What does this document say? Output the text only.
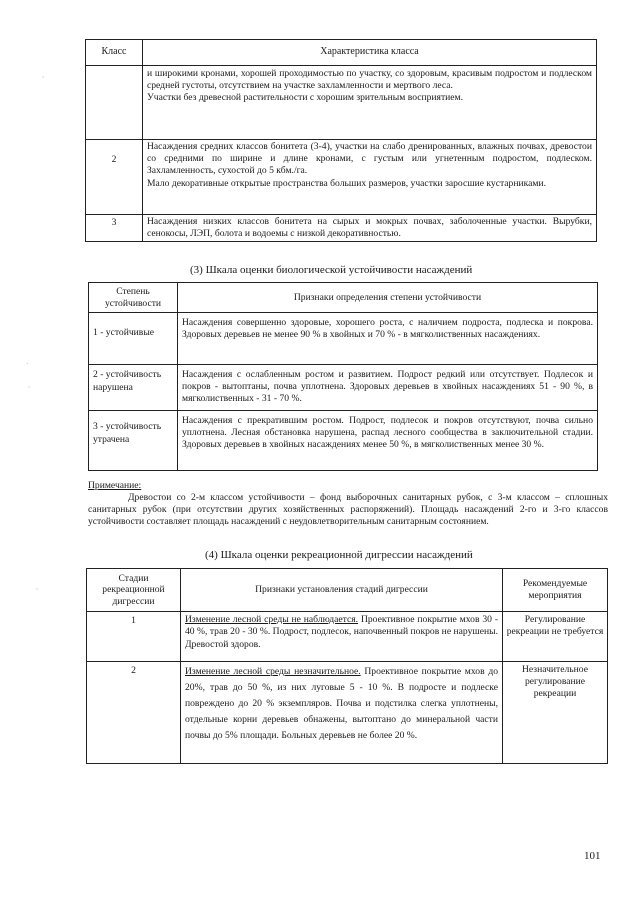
ˏ
˙
ˏ
ˏ
Класс	Характеристика класса

	и широкими кронами, хорошей проходимостью по участку, со здоровым, красивым подростом и подлеском средней густоты, отсутствием на участке захламленности и мертвого леса.
Участки без древесной растительности с хорошим зрительным восприятием.

2	Насаждения средних классов бонитета (3-4), участки на слабо дренированных, влажных почвах, древостои со средними по ширине и длине кронами, с густым или угнетенным подростом, подлеском. Захламленность, сухостой до 5 кбм./га.
Мало декоративные открытые пространства больших размеров, участки заросшие кустарниками.

3	Насаждения низких классов бонитета на сырых и мокрых почвах, заболоченные участки. Вырубки, сенокосы, ЛЭП, болота и водоемы с низкой декоративностью.
(3) Шкала оценки биологической устойчивости насаждений
Степень устойчивости	Признаки определения степени устойчивости
1 - устойчивые	Насаждения совершенно здоровые, хорошего роста, с наличием подроста, подлеска и покрова. Здоровых деревьев не менее 90 % в хвойных и 70 % - в мягколиственных насаждениях.
2 - устойчивость нарушена	Насаждения с ослабленным ростом и развитием. Подрост редкий или отсутствует. Подлесок и покров - вытоптаны, почва уплотнена. Здоровых деревьев в хвойных насаждениях 51 - 90 %, в мягколиственных - 31 - 70 %.
3 - устойчивость утрачена	Насаждения с прекратившим ростом. Подрост, подлесок и покров отсутствуют, почва сильно уплотнена. Лесная обстановка нарушена, распад лесного сообщества в заключительной стадии. Здоровых деревьев в хвойных насаждениях менее 50 %, в мягколиственных менее 30 %.
Примечание:
Древостои со 2-м классом устойчивости – фонд выборочных санитарных рубок, с 3-м классом – сплошных санитарных рубок (при отсутствии других хозяйственных распоряжений). Площадь насаждений 2-го и 3-го классов устойчивости составляет площадь насаждений с неудовлетворительным санитарным состоянием.
(4) Шкала оценки рекреационной дигрессии насаждений
Стадии рекреационной дигрессии	Признаки установления стадий дигрессии	Рекомендуемые мероприятия
1	Изменение лесной среды не наблюдается. Проективное покрытие мхов 30 - 40 %, трав 20 - 30 %. Подрост, подлесок, напочвенный покров не нарушены. Древостой здоров.	Регулирование рекреации не требуется
2	Изменение лесной среды незначительное. Проективное покрытие мхов до 20%, трав до 50 %, из них луговые 5 - 10 %. В подросте и подлеске повреждено до 20 % экземпляров. Почва и подстилка слегка уплотнены, отдельные корни деревьев обнажены, вытоптано до минеральной части почвы до 5% площади. Больных деревьев не более 20 %.	Незначительное регулирование рекреации
101
